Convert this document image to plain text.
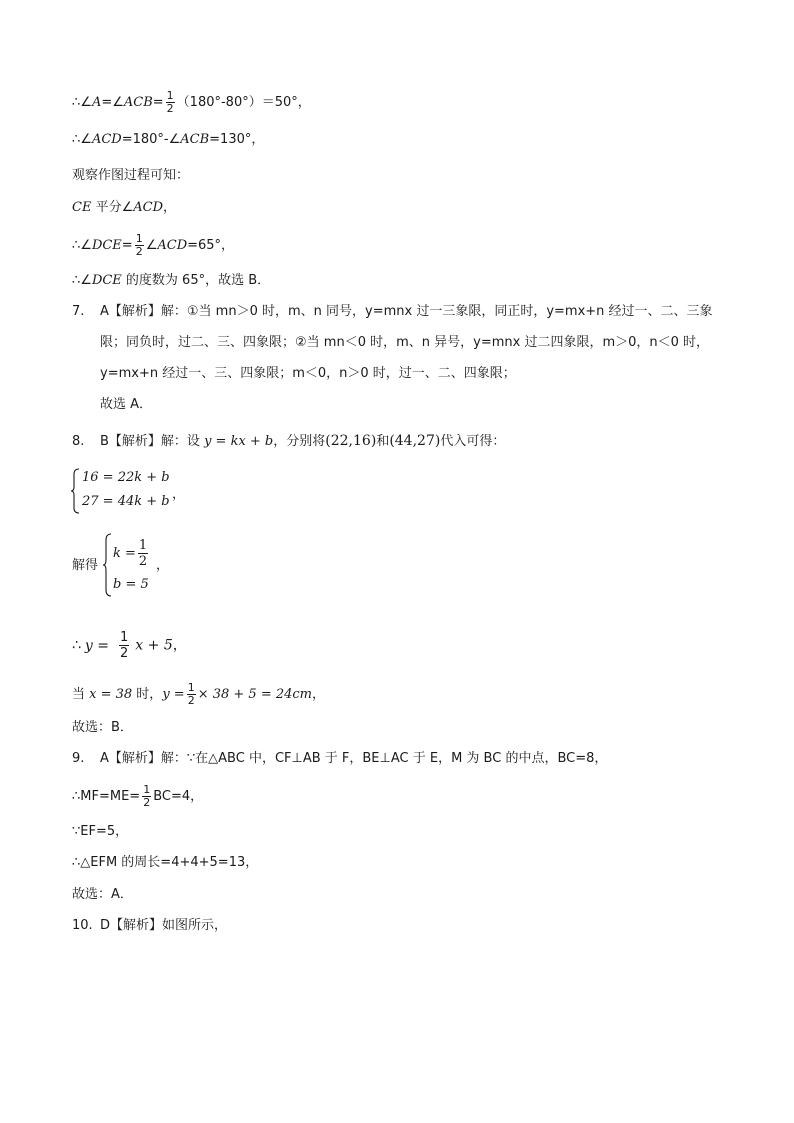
∴∠A=∠ACB= $\frac{1}{2} (180^\circ-80^\circ)=50^\circ$，
∴∠ACD=180°-∠ACB=130°，
观察作图过程可知：
CE 平分∠ACD，
∴∠DCE= $\frac{1}{2}$ ∠ACD=65°，
∴∠DCE 的度数为 65°，故选 B．
7. A【解析】解：①当 mn＞0 时，m、n 同号，y=mnx 过一三象限，同正时，y=mx+n 经过一、二、三象
限；同负时，过二、三、四象限；②当 mn＜0 时，m、n 异号，y=mnx 过二四象限，m＞0，n＜0 时，
y=mx+n 经过一、三、四象限；m＜0，n＞0 时，过一、二、四象限；
故选 A．
8. B【解析】解：设 y = kx + b，分别将(22,16)和(44,27)代入可得：
16 = 22k + b
27 = 44k + b ，
解得
$k = \frac{1}{2}$
b = 5
，
∴ $y = \frac{1}{2}$ x + 5，
当 x = 38 时，$y = \frac{1}{2} \times 38 + 5 = 24cm$，
故选：B．
9. A【解析】解：∵在△ABC 中，CF⊥AB 于 F，BE⊥AC 于 E，M 为 BC 的中点，BC=8，
∴MF=ME= $\frac{1}{2} BC=4$，
∵EF=5，
∴△EFM 的周长=4+4+5=13，
故选：A．
10. D【解析】如图所示，
